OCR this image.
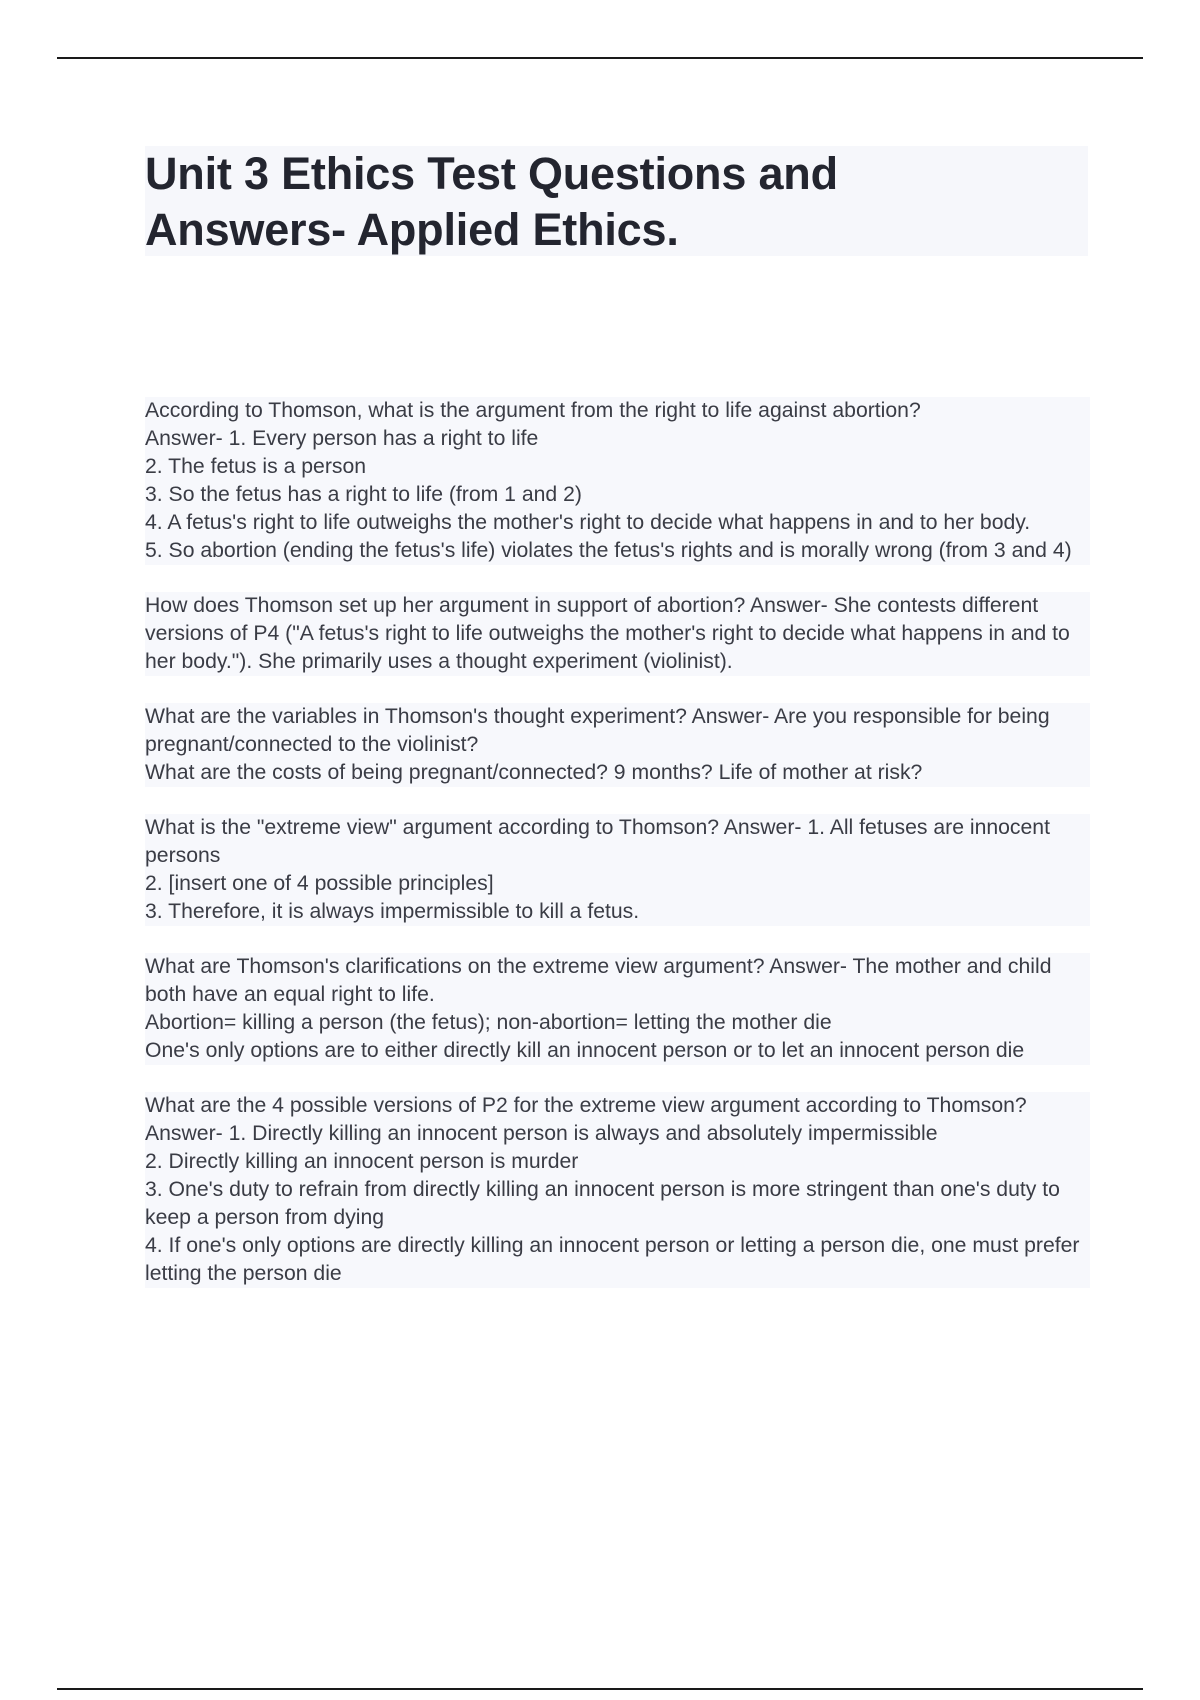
Unit 3 Ethics Test Questions and
Answers- Applied Ethics.
According to Thomson, what is the argument from the right to life against abortion?
Answer- 1. Every person has a right to life
2. The fetus is a person
3. So the fetus has a right to life (from 1 and 2)
4. A fetus's right to life outweighs the mother's right to decide what happens in and to her body.
5. So abortion (ending the fetus's life) violates the fetus's rights and is morally wrong (from 3 and 4)
How does Thomson set up her argument in support of abortion? Answer- She contests different versions of P4 ("A fetus's right to life outweighs the mother's right to decide what happens in and to her body."). She primarily uses a thought experiment (violinist).
What are the variables in Thomson's thought experiment? Answer- Are you responsible for being pregnant/connected to the violinist?
What are the costs of being pregnant/connected? 9 months? Life of mother at risk?
What is the "extreme view" argument according to Thomson? Answer- 1. All fetuses are innocent persons
2. [insert one of 4 possible principles]
3. Therefore, it is always impermissible to kill a fetus.
What are Thomson's clarifications on the extreme view argument? Answer- The mother and child both have an equal right to life.
Abortion= killing a person (the fetus); non-abortion= letting the mother die
One's only options are to either directly kill an innocent person or to let an innocent person die
What are the 4 possible versions of P2 for the extreme view argument according to Thomson? Answer- 1. Directly killing an innocent person is always and absolutely impermissible
2. Directly killing an innocent person is murder
3. One's duty to refrain from directly killing an innocent person is more stringent than one's duty to keep a person from dying
4. If one's only options are directly killing an innocent person or letting a person die, one must prefer letting the person die
